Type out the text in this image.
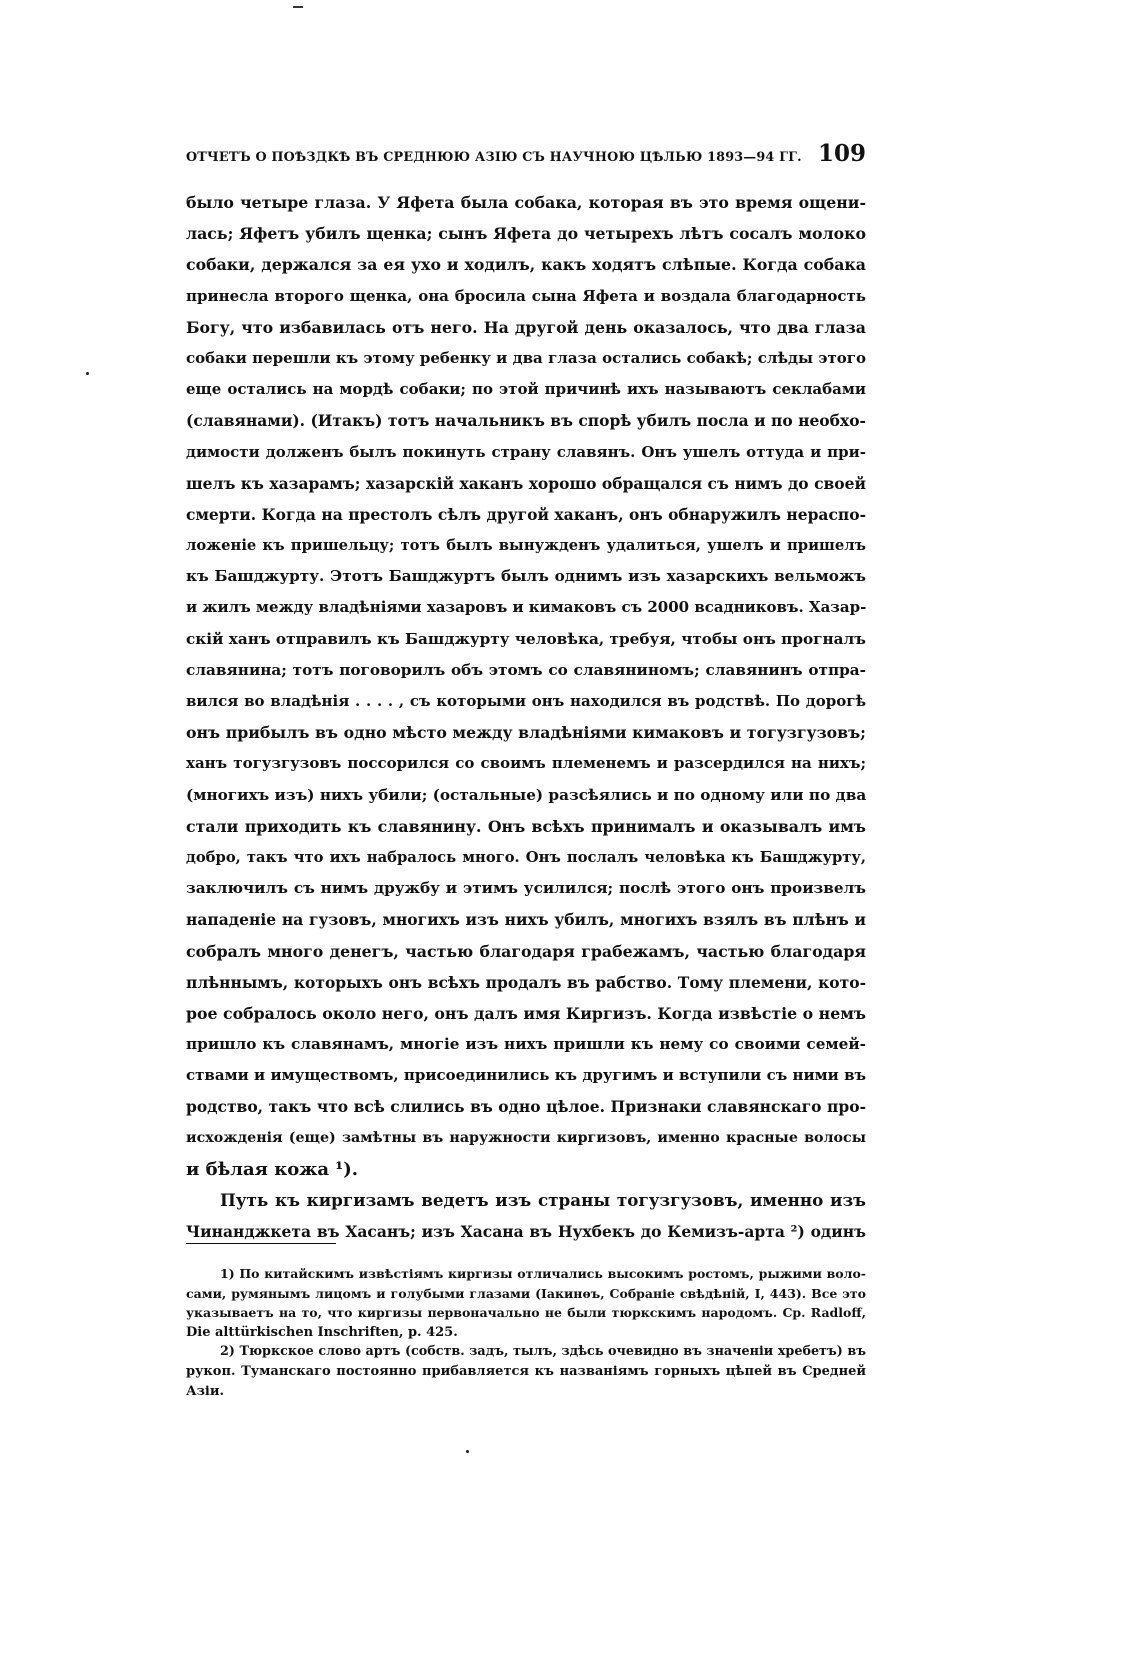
ОТЧЕТЪ О ПОѢЗДКѢ ВЪ СРЕДНЮЮ АЗІЮ СЪ НАУЧНОЮ ЦѢЛЬЮ 1893—94 ГГ. 109
было четыре глаза. У Яфета была собака, которая въ это время ощени-
лась; Яфетъ убилъ щенка; сынъ Яфета до четырехъ лѣтъ сосалъ молоко
собаки, держался за ея ухо и ходилъ, какъ ходятъ слѣпые. Когда собака
принесла второго щенка, она бросила сына Яфета и воздала благодарность
Богу, что избавилась отъ него. На другой день оказалось, что два глаза
собаки перешли къ этому ребенку и два глаза остались собакѣ; слѣды этого
еще остались на мордѣ собаки; по этой причинѣ ихъ называютъ секлабами
(славянами). (Итакъ) тотъ начальникъ въ спорѣ убилъ посла и по необхо-
димости долженъ былъ покинуть страну славянъ. Онъ ушелъ оттуда и при-
шелъ къ хазарамъ; хазарскій хаканъ хорошо обращался съ нимъ до своей
смерти. Когда на престолъ сѣлъ другой хаканъ, онъ обнаружилъ нераспо-
ложеніе къ пришельцу; тотъ былъ вынужденъ удалиться, ушелъ и пришелъ
къ Башджурту. Этотъ Башджуртъ былъ однимъ изъ хазарскихъ вельможъ
и жилъ между владѣніями хазаровъ и кимаковъ съ 2000 всадниковъ. Хазар-
скій ханъ отправилъ къ Башджурту человѣка, требуя, чтобы онъ прогналъ
славянина; тотъ поговорилъ объ этомъ со славяниномъ; славянинъ отпра-
вился во владѣнія . . . . , съ которыми онъ находился въ родствѣ. По дорогѣ
онъ прибылъ въ одно мѣсто между владѣніями кимаковъ и тогузгузовъ;
ханъ тогузгузовъ поссорился со своимъ племенемъ и разсердился на нихъ;
(многихъ изъ) нихъ убили; (остальные) разсѣялись и по одному или по два
стали приходить къ славянину. Онъ всѣхъ принималъ и оказывалъ имъ
добро, такъ что ихъ набралось много. Онъ послалъ человѣка къ Башджурту,
заключилъ съ нимъ дружбу и этимъ усилился; послѣ этого онъ произвелъ
нападеніе на гузовъ, многихъ изъ нихъ убилъ, многихъ взялъ въ плѣнъ и
собралъ много денегъ, частью благодаря грабежамъ, частью благодаря
плѣннымъ, которыхъ онъ всѣхъ продалъ въ рабство. Тому племени, кото-
рое собралось около него, онъ далъ имя Киргизъ. Когда извѣстіе о немъ
пришло къ славянамъ, многіе изъ нихъ пришли къ нему со своими семей-
ствами и имуществомъ, присоединились къ другимъ и вступили съ ними въ
родство, такъ что всѣ слились въ одно цѣлое. Признаки славянскаго про-
исхожденія (еще) замѣтны въ наружности киргизовъ, именно красные волосы
и бѣлая кожа ¹).
Путь къ киргизамъ ведетъ изъ страны тогузгузовъ, именно изъ
Чинанджкета въ Хасанъ; изъ Хасана въ Нухбекъ до Кемизъ-арта ²) одинъ
1) По китайскимъ извѣстіямъ киргизы отличались высокимъ ростомъ, рыжими воло-
сами, румянымъ лицомъ и голубыми глазами (Іакинѳъ, Собраніе свѣдѣній, I, 443). Все это
указываетъ на то, что киргизы первоначально не были тюркскимъ народомъ. Ср. Radloff,
Die alttürkischen Inschriften, p. 425.
2) Тюркское слово артъ (собств. задъ, тылъ, здѣсь очевидно въ значеніи хребетъ) въ
рукоп. Туманскаго постоянно прибавляется къ названіямъ горныхъ цѣпей въ Средней
Азіи.
